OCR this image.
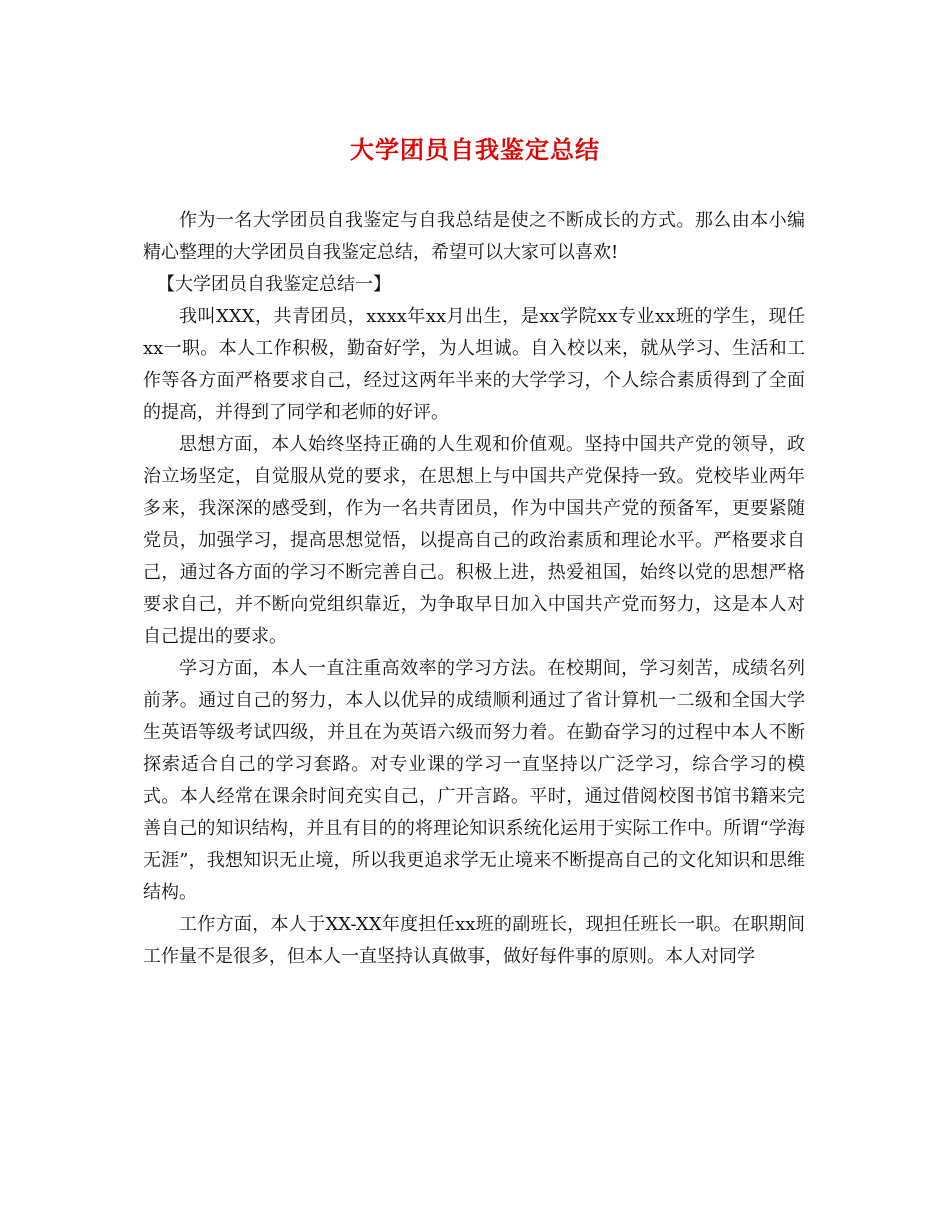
大学团员自我鉴定总结

作为一名大学团员自我鉴定与自我总结是使之不断成长的方式。那么由本小编精心整理的大学团员自我鉴定总结，希望可以大家可以喜欢!

【大学团员自我鉴定总结一】

我叫XXX，共青团员，xxxx年xx月出生，是xx学院xx专业xx班的学生，现任xx一职。本人工作积极，勤奋好学，为人坦诚。自入校以来，就从学习、生活和工作等各方面严格要求自己，经过这两年半来的大学学习，个人综合素质得到了全面的提高，并得到了同学和老师的好评。

思想方面，本人始终坚持正确的人生观和价值观。坚持中国共产党的领导，政治立场坚定，自觉服从党的要求，在思想上与中国共产党保持一致。党校毕业两年多来，我深深的感受到，作为一名共青团员，作为中国共产党的预备军，更要紧随党员，加强学习，提高思想觉悟，以提高自己的政治素质和理论水平。严格要求自己，通过各方面的学习不断完善自己。积极上进，热爱祖国，始终以党的思想严格要求自己，并不断向党组织靠近，为争取早日加入中国共产党而努力，这是本人对自己提出的要求。

学习方面，本人一直注重高效率的学习方法。在校期间，学习刻苦，成绩名列前茅。通过自己的努力，本人以优异的成绩顺利通过了省计算机一二级和全国大学生英语等级考试四级，并且在为英语六级而努力着。在勤奋学习的过程中本人不断探索适合自己的学习套路。对专业课的学习一直坚持以广泛学习，综合学习的模式。本人经常在课余时间充实自己，广开言路。平时，通过借阅校图书馆书籍来完善自己的知识结构，并且有目的的将理论知识系统化运用于实际工作中。所谓“学海无涯”，我想知识无止境，所以我更追求学无止境来不断提高自己的文化知识和思维结构。

工作方面，本人于XX-XX年度担任xx班的副班长，现担任班长一职。在职期间工作量不是很多，但本人一直坚持认真做事，做好每件事的原则。本人对同学
